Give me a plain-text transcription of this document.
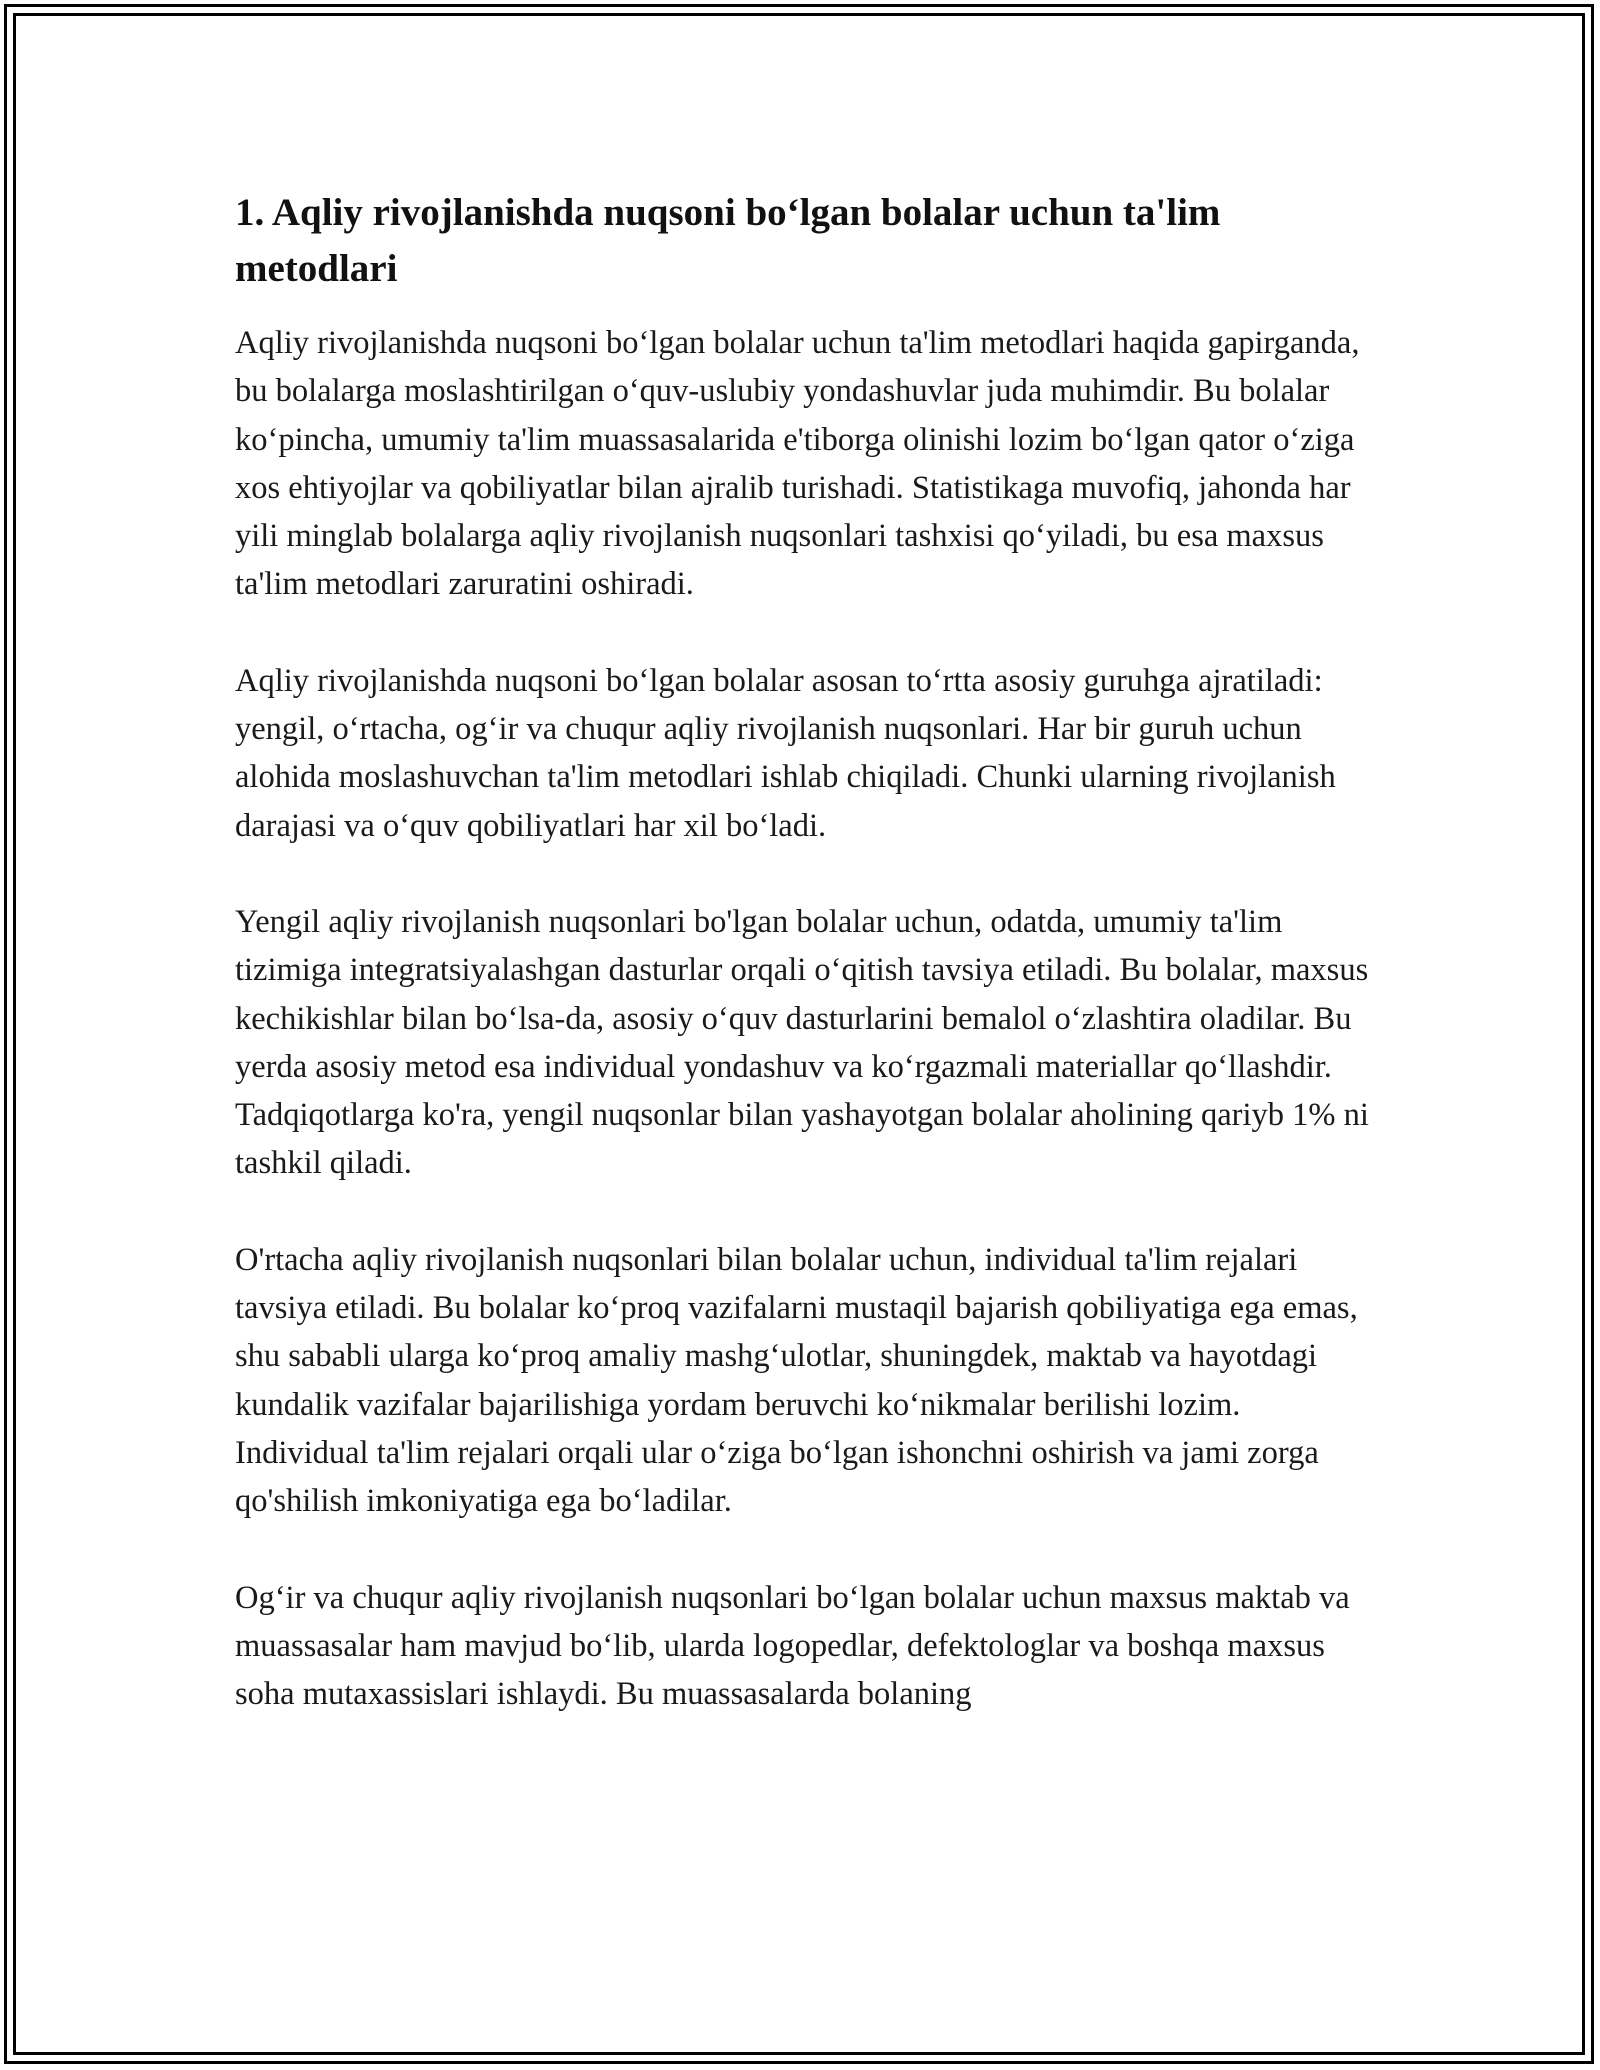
1. Aqliy rivojlanishda nuqsoni bo‘lgan bolalar uchun ta'lim metodlari

Aqliy rivojlanishda nuqsoni bo‘lgan bolalar uchun ta'lim metodlari haqida gapirganda, bu bolalarga moslashtirilgan o‘quv-uslubiy yondashuvlar juda muhimdir. Bu bolalar ko‘pincha, umumiy ta'lim muassasalarida e'tiborga olinishi lozim bo‘lgan qator o‘ziga xos ehtiyojlar va qobiliyatlar bilan ajralib turishadi. Statistikaga muvofiq, jahonda har yili minglab bolalarga aqliy rivojlanish nuqsonlari tashxisi qo‘yiladi, bu esa maxsus ta'lim metodlari zaruratini oshiradi.

Aqliy rivojlanishda nuqsoni bo‘lgan bolalar asosan to‘rtta asosiy guruhga ajratiladi: yengil, o‘rtacha, og‘ir va chuqur aqliy rivojlanish nuqsonlari. Har bir guruh uchun alohida moslashuvchan ta'lim metodlari ishlab chiqiladi. Chunki ularning rivojlanish darajasi va o‘quv qobiliyatlari har xil bo‘ladi.

Yengil aqliy rivojlanish nuqsonlari bo'lgan bolalar uchun, odatda, umumiy ta'lim tizimiga integratsiyalashgan dasturlar orqali o‘qitish tavsiya etiladi. Bu bolalar, maxsus kechikishlar bilan bo‘lsa-da, asosiy o‘quv dasturlarini bemalol o‘zlashtira oladilar. Bu yerda asosiy metod esa individual yondashuv va ko‘rgazmali materiallar qo‘llashdir. Tadqiqotlarga ko'ra, yengil nuqsonlar bilan yashayotgan bolalar aholining qariyb 1% ni tashkil qiladi.

O'rtacha aqliy rivojlanish nuqsonlari bilan bolalar uchun, individual ta'lim rejalari tavsiya etiladi. Bu bolalar ko‘proq vazifalarni mustaqil bajarish qobiliyatiga ega emas, shu sababli ularga ko‘proq amaliy mashg‘ulotlar, shuningdek, maktab va hayotdagi kundalik vazifalar bajarilishiga yordam beruvchi ko‘nikmalar berilishi lozim. Individual ta'lim rejalari orqali ular o‘ziga bo‘lgan ishonchni oshirish va jami zorga qo'shilish imkoniyatiga ega bo‘ladilar.

Og‘ir va chuqur aqliy rivojlanish nuqsonlari bo‘lgan bolalar uchun maxsus maktab va muassasalar ham mavjud bo‘lib, ularda logopedlar, defektologlar va boshqa maxsus soha mutaxassislari ishlaydi. Bu muassasalarda bolaning
